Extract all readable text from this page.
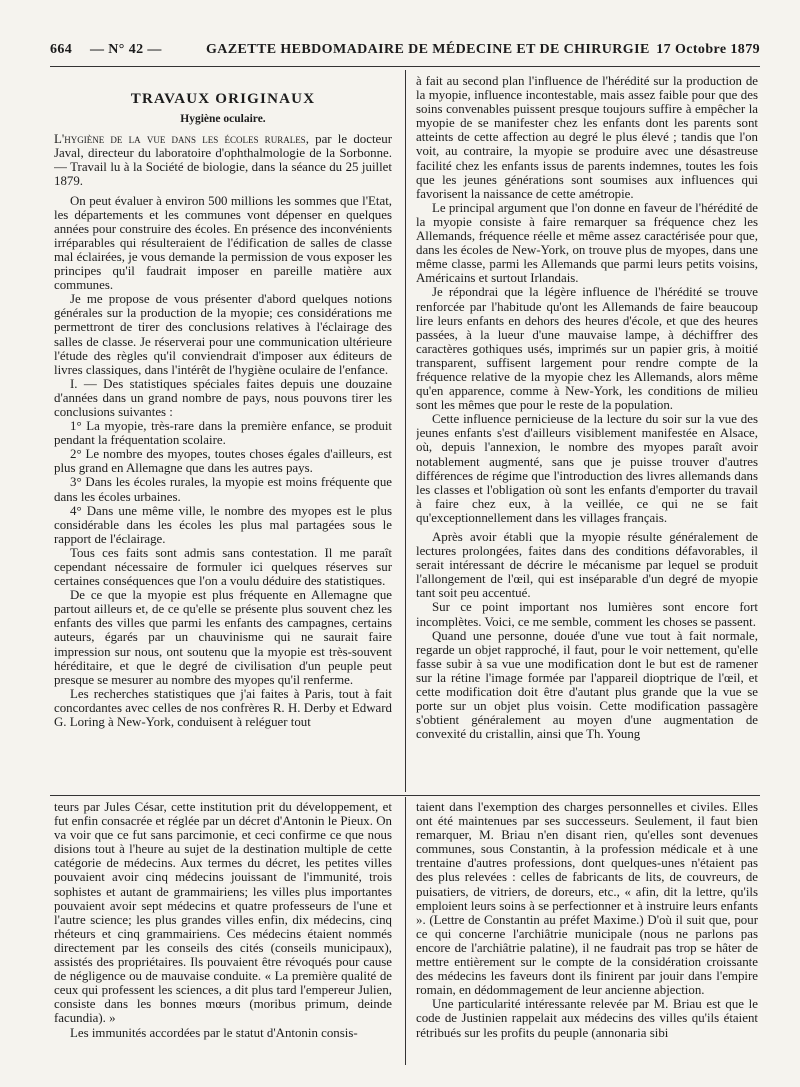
664 — N° 42 —	GAZETTE HEBDOMADAIRE DE MÉDECINE ET DE CHIRURGIE 17 Octobre 1879
TRAVAUX ORIGINAUX
Hygiène oculaire.

L'hygiène de la vue dans les écoles rurales, par le docteur Javal, directeur du laboratoire d'ophthalmologie de la Sorbonne. — Travail lu à la Société de biologie, dans la séance du 25 juillet 1879.

On peut évaluer à environ 500 millions les sommes que l'Etat, les départements et les communes vont dépenser en quelques années pour construire des écoles. En présence des inconvénients irréparables qui résulteraient de l'édification de salles de classe mal éclairées, je vous demande la permission de vous exposer les principes qu'il faudrait imposer en pareille matière aux communes.

Je me propose de vous présenter d'abord quelques notions générales sur la production de la myopie; ces considérations me permettront de tirer des conclusions relatives à l'éclairage des salles de classe. Je réserverai pour une communication ultérieure l'étude des règles qu'il conviendrait d'imposer aux éditeurs de livres classiques, dans l'intérêt de l'hygiène oculaire de l'enfance.

I. — Des statistiques spéciales faites depuis une douzaine d'années dans un grand nombre de pays, nous pouvons tirer les conclusions suivantes :

1° La myopie, très-rare dans la première enfance, se produit pendant la fréquentation scolaire.

2° Le nombre des myopes, toutes choses égales d'ailleurs, est plus grand en Allemagne que dans les autres pays.

3° Dans les écoles rurales, la myopie est moins fréquente que dans les écoles urbaines.

4° Dans une même ville, le nombre des myopes est le plus considérable dans les écoles les plus mal partagées sous le rapport de l'éclairage.

Tous ces faits sont admis sans contestation. Il me paraît cependant nécessaire de formuler ici quelques réserves sur certaines conséquences que l'on a voulu déduire des statistiques.

De ce que la myopie est plus fréquente en Allemagne que partout ailleurs et, de ce qu'elle se présente plus souvent chez les enfants des villes que parmi les enfants des campagnes, certains auteurs, égarés par un chauvinisme qui ne saurait faire impression sur nous, ont soutenu que la myopie est très-souvent héréditaire, et que le degré de civilisation d'un peuple peut presque se mesurer au nombre des myopes qu'il renferme.

Les recherches statistiques que j'ai faites à Paris, tout à fait concordantes avec celles de nos confrères R. H. Derby et Edward G. Loring à New-York, conduisent à reléguer tout

à fait au second plan l'influence de l'hérédité sur la production de la myopie, influence incontestable, mais assez faible pour que des soins convenables puissent presque toujours suffire à empêcher la myopie de se manifester chez les enfants dont les parents sont atteints de cette affection au degré le plus élevé ; tandis que l'on voit, au contraire, la myopie se produire avec une désastreuse facilité chez les enfants issus de parents indemnes, toutes les fois que les jeunes générations sont soumises aux influences qui favorisent la naissance de cette amétropie.

Le principal argument que l'on donne en faveur de l'hérédité de la myopie consiste à faire remarquer sa fréquence chez les Allemands, fréquence réelle et même assez caractérisée pour que, dans les écoles de New-York, on trouve plus de myopes, dans une même classe, parmi les Allemands que parmi leurs petits voisins, Américains et surtout Irlandais.

Je répondrai que la légère influence de l'hérédité se trouve renforcée par l'habitude qu'ont les Allemands de faire beaucoup lire leurs enfants en dehors des heures d'école, et que des heures passées, à la lueur d'une mauvaise lampe, à déchiffrer des caractères gothiques usés, imprimés sur un papier gris, à moitié transparent, suffisent largement pour rendre compte de la fréquence relative de la myopie chez les Allemands, alors même qu'en apparence, comme à New-York, les conditions de milieu sont les mêmes que pour le reste de la population.

Cette influence pernicieuse de la lecture du soir sur la vue des jeunes enfants s'est d'ailleurs visiblement manifestée en Alsace, où, depuis l'annexion, le nombre des myopes paraît avoir notablement augmenté, sans que je puisse trouver d'autres différences de régime que l'introduction des livres allemands dans les classes et l'obligation où sont les enfants d'emporter du travail à faire chez eux, à la veillée, ce qui ne se fait qu'exceptionnellement dans les villages français.

Après avoir établi que la myopie résulte généralement de lectures prolongées, faites dans des conditions défavorables, il serait intéressant de décrire le mécanisme par lequel se produit l'allongement de l'œil, qui est inséparable d'un degré de myopie tant soit peu accentué.

Sur ce point important nos lumières sont encore fort incomplètes. Voici, ce me semble, comment les choses se passent.

Quand une personne, douée d'une vue tout à fait normale, regarde un objet rapproché, il faut, pour le voir nettement, qu'elle fasse subir à sa vue une modification dont le but est de ramener sur la rétine l'image formée par l'appareil dioptrique de l'œil, et cette modification doit être d'autant plus grande que la vue se porte sur un objet plus voisin. Cette modification passagère s'obtient généralement au moyen d'une augmentation de convexité du cristallin, ainsi que Th. Young

teurs par Jules César, cette institution prit du développement, et fut enfin consacrée et réglée par un décret d'Antonin le Pieux. On va voir que ce fut sans parcimonie, et ceci confirme ce que nous disions tout à l'heure au sujet de la destination multiple de cette catégorie de médecins. Aux termes du décret, les petites villes pouvaient avoir cinq médecins jouissant de l'immunité, trois sophistes et autant de grammairiens; les villes plus importantes pouvaient avoir sept médecins et quatre professeurs de l'une et l'autre science; les plus grandes villes enfin, dix médecins, cinq rhéteurs et cinq grammairiens. Ces médecins étaient nommés directement par les conseils des cités (conseils municipaux), assistés des propriétaires. Ils pouvaient être révoqués pour cause de négligence ou de mauvaise conduite. « La première qualité de ceux qui professent les sciences, a dit plus tard l'empereur Julien, consiste dans les bonnes mœurs (moribus primum, deinde facundia). »

Les immunités accordées par le statut d'Antonin consis-

taient dans l'exemption des charges personnelles et civiles. Elles ont été maintenues par ses successeurs. Seulement, il faut bien remarquer, M. Briau n'en disant rien, qu'elles sont devenues communes, sous Constantin, à la profession médicale et à une trentaine d'autres professions, dont quelques-unes n'étaient pas des plus relevées : celles de fabricants de lits, de couvreurs, de puisatiers, de vitriers, de doreurs, etc., « afin, dit la lettre, qu'ils emploient leurs soins à se perfectionner et à instruire leurs enfants ». (Lettre de Constantin au préfet Maxime.) D'où il suit que, pour ce qui concerne l'archiâtrie municipale (nous ne parlons pas encore de l'archiâtrie palatine), il ne faudrait pas trop se hâter de mettre entièrement sur le compte de la considération croissante des médecins les faveurs dont ils finirent par jouir dans l'empire romain, en dédommagement de leur ancienne abjection.

Une particularité intéressante relevée par M. Briau est que le code de Justinien rappelait aux médecins des villes qu'ils étaient rétribués sur les profits du peuple (annonaria sibi
